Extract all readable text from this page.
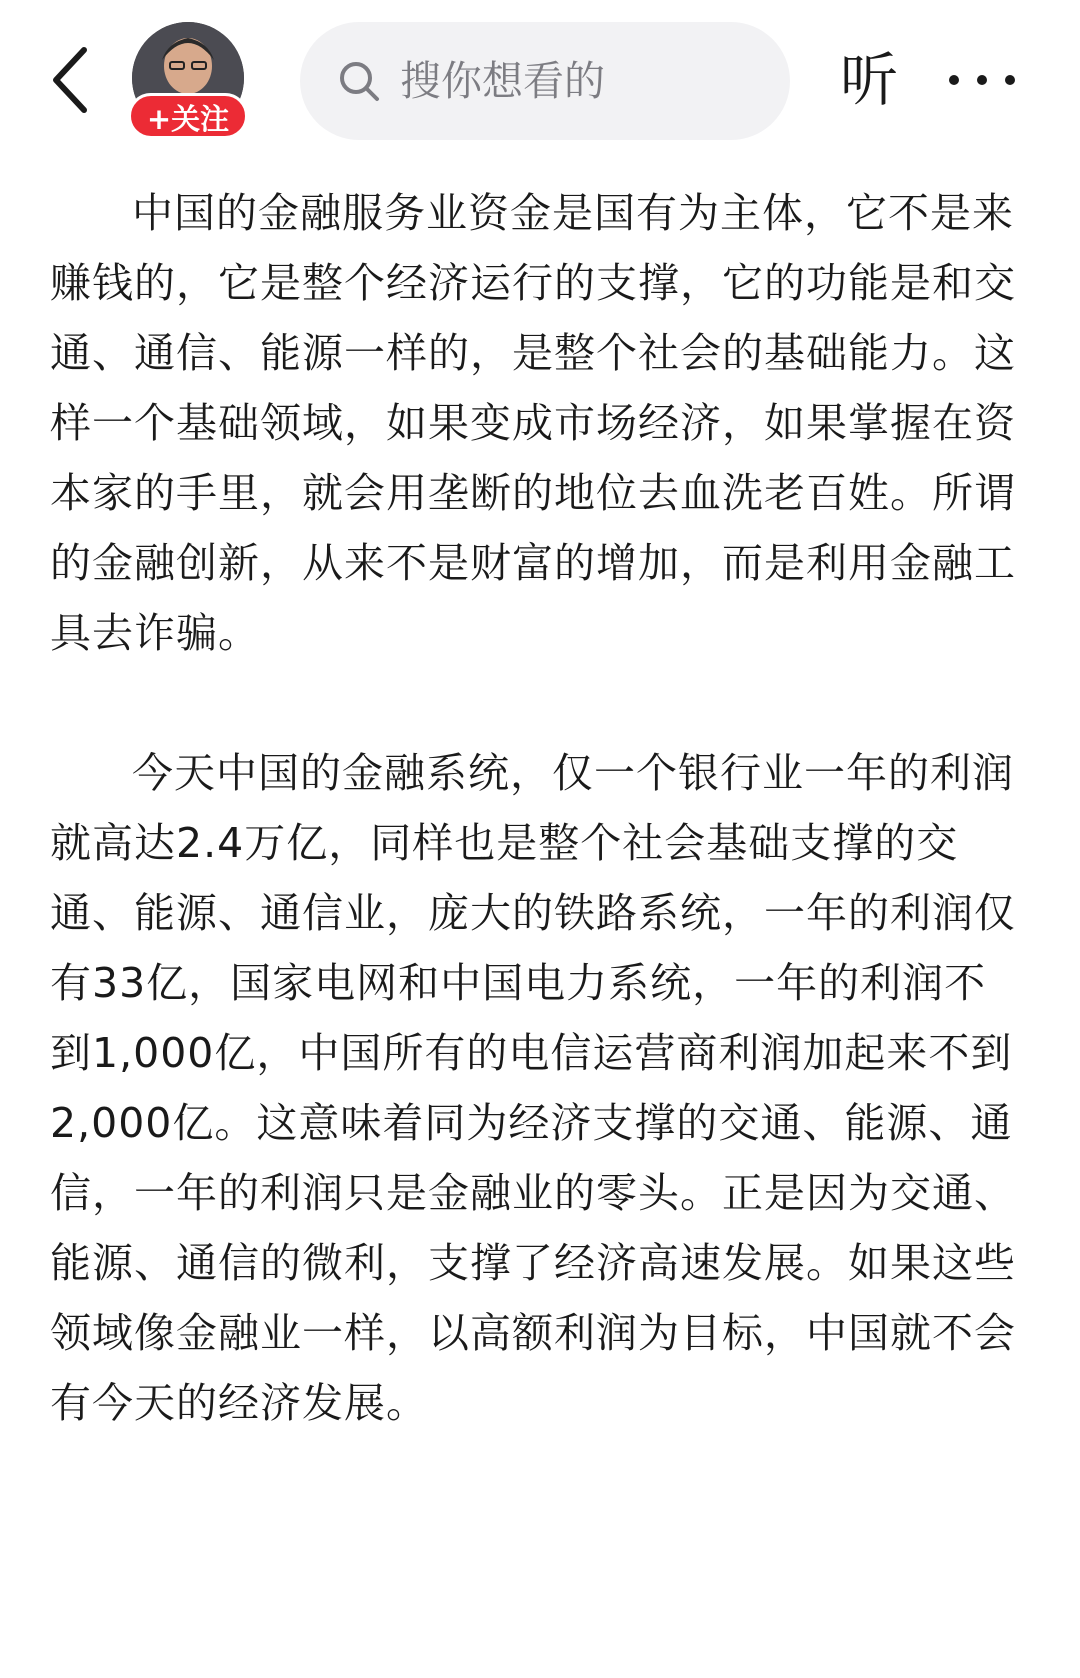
+关注
搜你想看的
听

中国的金融服务业资金是国有为主体，它不是来赚钱的，它是整个经济运行的支撑，它的功能是和交通、通信、能源一样的，是整个社会的基础能力。这样一个基础领域，如果变成市场经济，如果掌握在资本家的手里，就会用垄断的地位去血洗老百姓。所谓的金融创新，从来不是财富的增加，而是利用金融工具去诈骗。

今天中国的金融系统，仅一个银行业一年的利润就高达2.4万亿，同样也是整个社会基础支撑的交通、能源、通信业，庞大的铁路系统，一年的利润仅有33亿，国家电网和中国电力系统，一年的利润不到1,000亿，中国所有的电信运营商利润加起来不到2,000亿。这意味着同为经济支撑的交通、能源、通信，一年的利润只是金融业的零头。正是因为交通、能源、通信的微利，支撑了经济高速发展。如果这些领域像金融业一样，以高额利润为目标，中国就不会有今天的经济发展。
